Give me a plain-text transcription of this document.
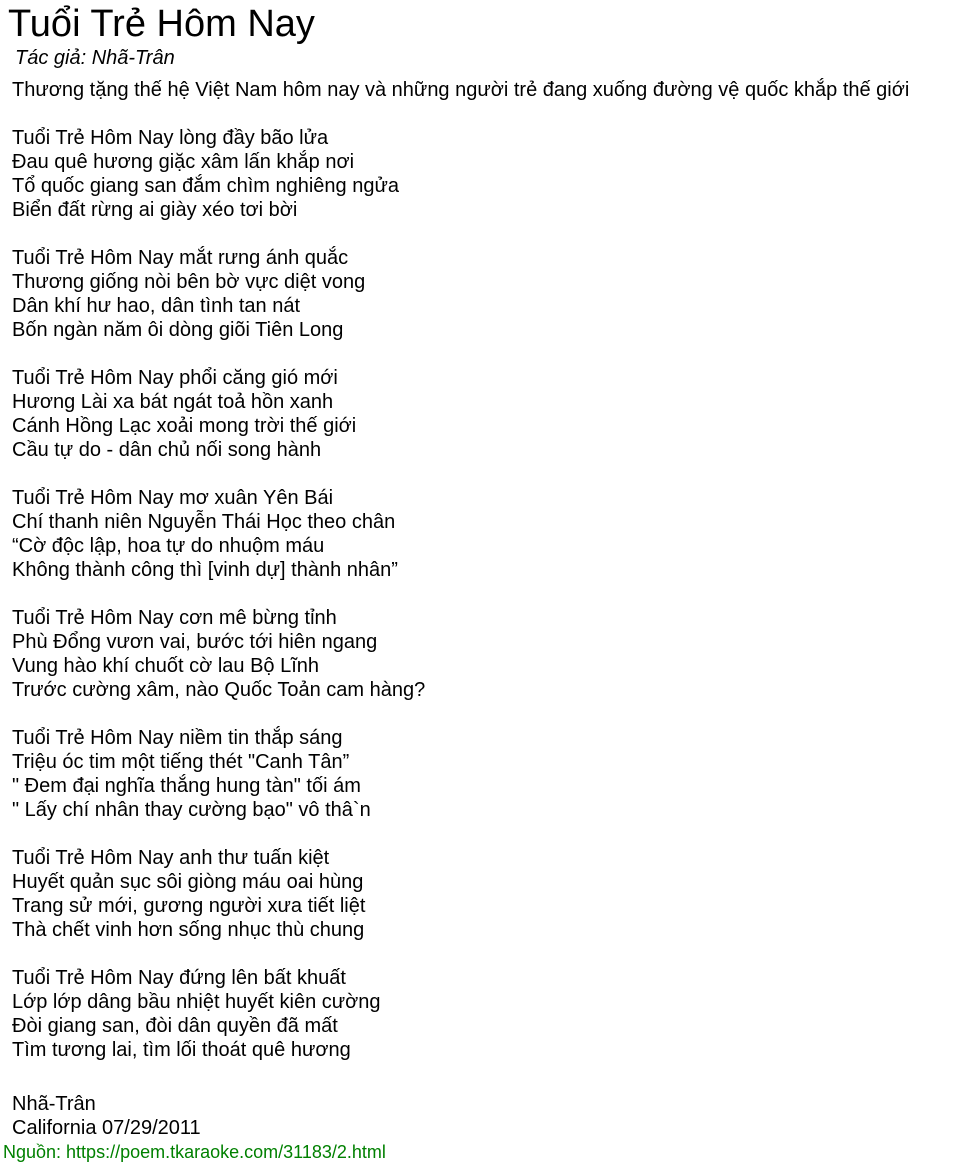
Tuổi Trẻ Hôm Nay
Tác giả: Nhã-Trân
Thương tặng thế hệ Việt Nam hôm nay và những người trẻ đang xuống đường vệ quốc khắp thế giới
Tuổi Trẻ Hôm Nay lòng đầy bão lửa
Đau quê hương giặc xâm lấn khắp nơi
Tổ quốc giang san đắm chìm nghiêng ngửa
Biển đất rừng ai giày xéo tơi bời
Tuổi Trẻ Hôm Nay mắt rưng ánh quắc
Thương giống nòi bên bờ vực diệt vong
Dân khí hư hao, dân tình tan nát
Bốn ngàn năm ôi dòng giõi Tiên Long
Tuổi Trẻ Hôm Nay phổi căng gió mới
Hương Lài xa bát ngát toả hồn xanh
Cánh Hồng Lạc xoải mong trời thế giới
Cầu tự do - dân chủ nối song hành
Tuổi Trẻ Hôm Nay mơ xuân Yên Bái
Chí thanh niên Nguyễn Thái Học theo chân
“Cờ độc lập, hoa tự do nhuộm máu
Không thành công thì [vinh dự] thành nhân”
Tuổi Trẻ Hôm Nay cơn mê bừng tỉnh
Phù Đổng vươn vai, bước tới hiên ngang
Vung hào khí chuốt cờ lau Bộ Lĩnh
Trước cường xâm, nào Quốc Toản cam hàng?
Tuổi Trẻ Hôm Nay niềm tin thắp sáng
Triệu óc tim một tiếng thét "Canh Tân”
" Đem đại nghĩa thắng hung tàn" tối ám
" Lấy chí nhân thay cường bạo" vô thâ`n
Tuổi Trẻ Hôm Nay anh thư tuấn kiệt
Huyết quản sục sôi giòng máu oai hùng
Trang sử mới, gương người xưa tiết liệt
Thà chết vinh hơn sống nhục thù chung
Tuổi Trẻ Hôm Nay đứng lên bất khuất
Lớp lớp dâng bầu nhiệt huyết kiên cường
Đòi giang san, đòi dân quyền đã mất
Tìm tương lai, tìm lối thoát quê hương
Nhã-Trân
California 07/29/2011
Nguồn: https://poem.tkaraoke.com/31183/2.html
